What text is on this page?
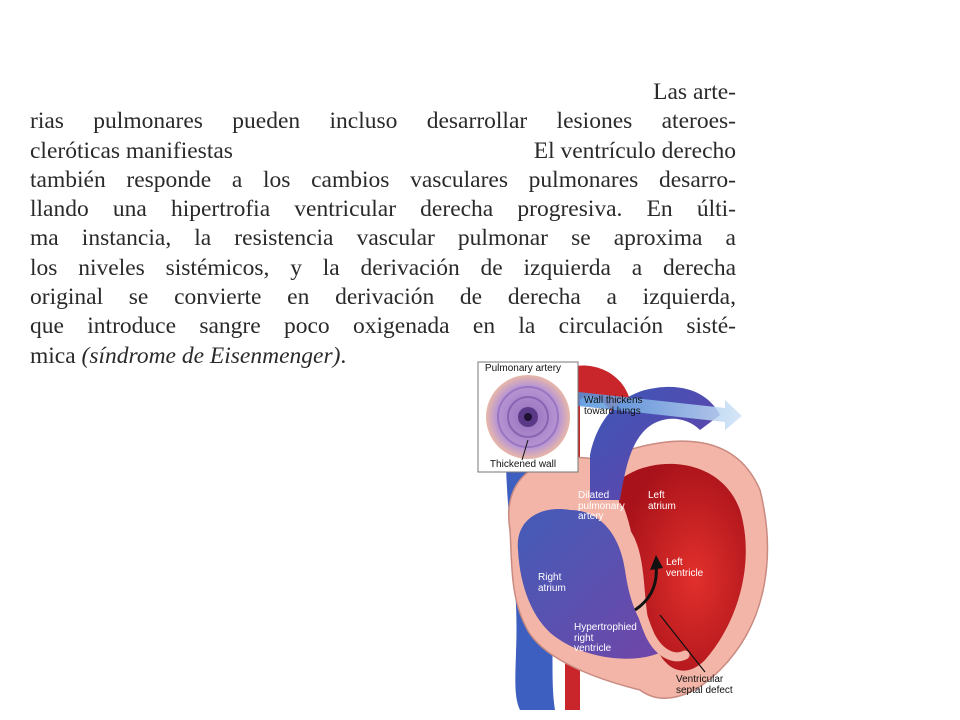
Las arte-
rias pulmonares pueden incluso desarrollar lesiones ateroes-
cleróticas manifiestas	El ventrículo derecho
también responde a los cambios vasculares pulmonares desarro-
llando una hipertrofia ventricular derecha progresiva. En últi-
ma instancia, la resistencia vascular pulmonar se aproxima a
los niveles sistémicos, y la derivación de izquierda a derecha
original se convierte en derivación de derecha a izquierda,
que introduce sangre poco oxigenada en la circulación sisté-
mica (síndrome de Eisenmenger).	Pulmonary artery
Thickened wall
Wall thickens
toward lungs
Dilated
pulmonary
artery
Left
atrium
Left
ventricle
Right
atrium
Hypertrophied
right
ventricle
Ventricular
septal defect
